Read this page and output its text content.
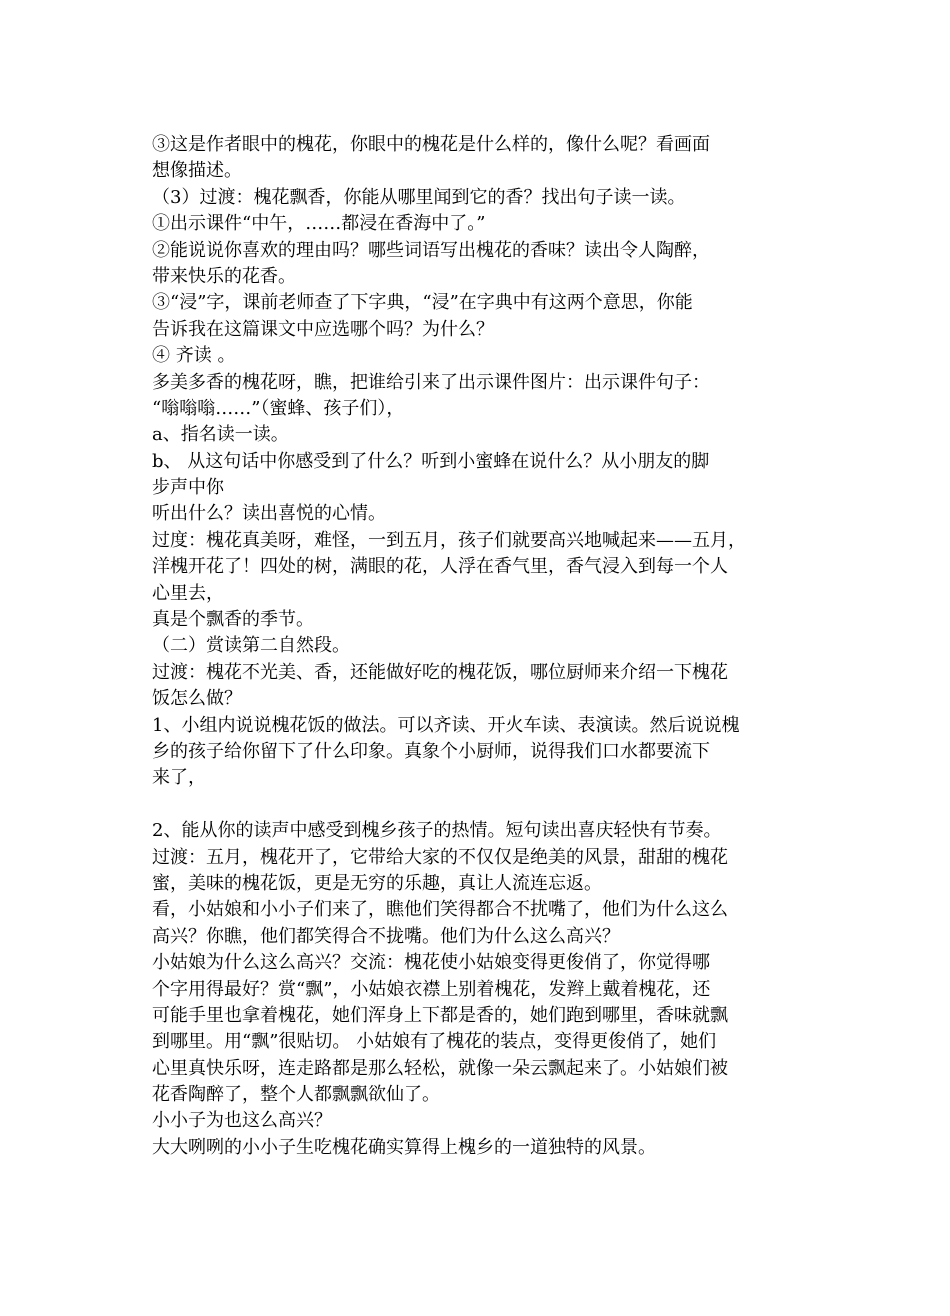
③这是作者眼中的槐花，你眼中的槐花是什么样的，像什么呢？看画面
想像描述。
（3）过渡：槐花飘香，你能从哪里闻到它的香？找出句子读一读。
①出示课件“中午，……都浸在香海中了。”
②能说说你喜欢的理由吗？哪些词语写出槐花的香味？读出令人陶醉，
带来快乐的花香。
③“浸”字，课前老师查了下字典，“浸”在字典中有这两个意思，你能
告诉我在这篇课文中应选哪个吗？为什么？
④ 齐读 。
多美多香的槐花呀，瞧，把谁给引来了出示课件图片：出示课件句子：
“嗡嗡嗡……”（蜜蜂、孩子们），
a、指名读一读。
b、 从这句话中你感受到了什么？听到小蜜蜂在说什么？从小朋友的脚
步声中你
听出什么？读出喜悦的心情。
过度：槐花真美呀，难怪，一到五月，孩子们就要高兴地喊起来——五月，
洋槐开花了！四处的树，满眼的花，人浮在香气里，香气浸入到每一个人
心里去，
真是个飘香的季节。
（二）赏读第二自然段。
过渡：槐花不光美、香，还能做好吃的槐花饭，哪位厨师来介绍一下槐花
饭怎么做？
1、小组内说说槐花饭的做法。可以齐读、开火车读、表演读。然后说说槐
乡的孩子给你留下了什么印象。真象个小厨师，说得我们口水都要流下
来了，
2、能从你的读声中感受到槐乡孩子的热情。短句读出喜庆轻快有节奏。
过渡：五月，槐花开了，它带给大家的不仅仅是绝美的风景，甜甜的槐花
蜜，美味的槐花饭，更是无穷的乐趣，真让人流连忘返。
看，小姑娘和小小子们来了，瞧他们笑得都合不扰嘴了，他们为什么这么
高兴？你瞧，他们都笑得合不拢嘴。他们为什么这么高兴？
小姑娘为什么这么高兴？交流：槐花使小姑娘变得更俊俏了，你觉得哪
个字用得最好？赏“飘”，小姑娘衣襟上别着槐花，发辫上戴着槐花，还
可能手里也拿着槐花，她们浑身上下都是香的，她们跑到哪里，香味就飘
到哪里。用“飘”很贴切。 小姑娘有了槐花的装点，变得更俊俏了，她们
心里真快乐呀，连走路都是那么轻松，就像一朵云飘起来了。小姑娘们被
花香陶醉了，整个人都飘飘欲仙了。
小小子为也这么高兴？
大大咧咧的小小子生吃槐花确实算得上槐乡的一道独特的风景。
